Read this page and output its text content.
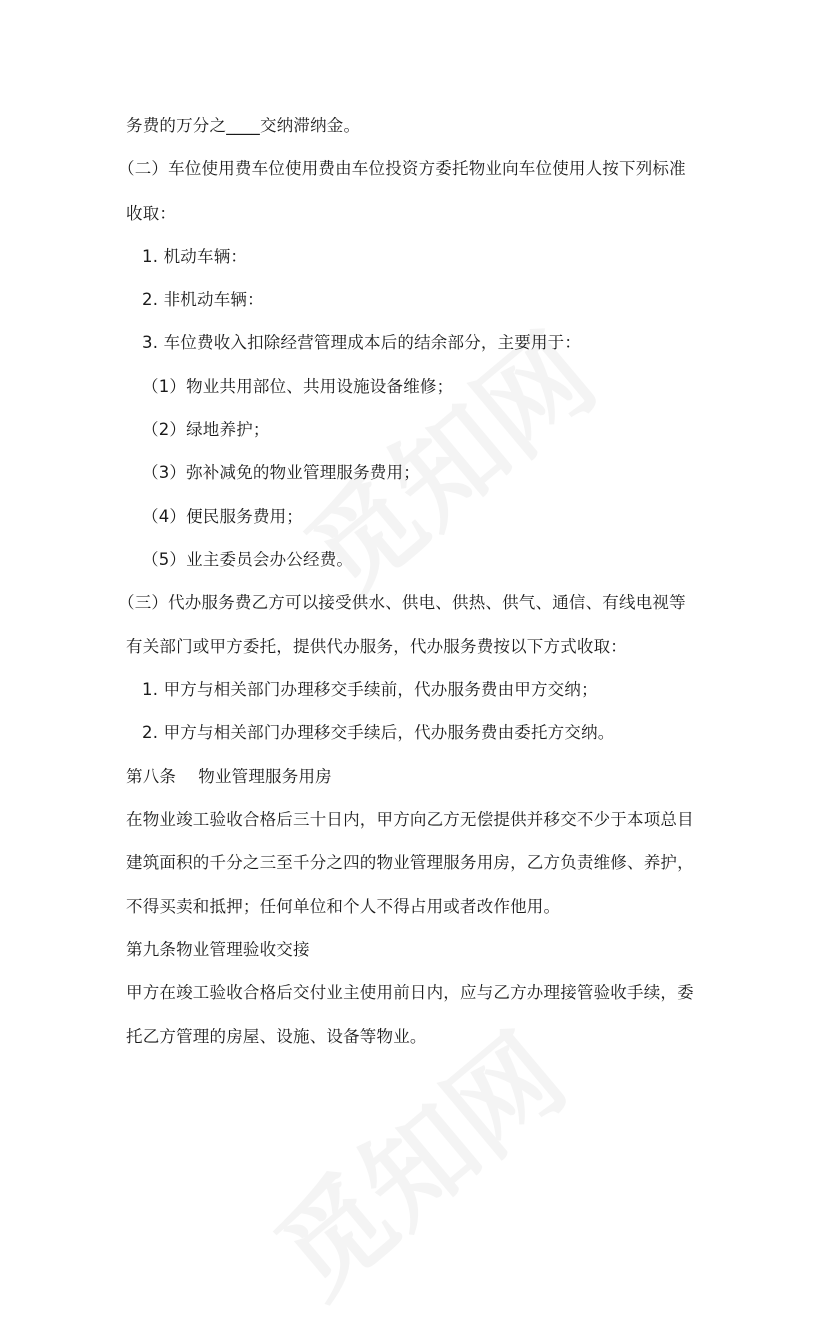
务费的万分之____交纳滞纳金。
（二）车位使用费车位使用费由车位投资方委托物业向车位使用人按下列标准
收取：
1. 机动车辆：
2. 非机动车辆：
3. 车位费收入扣除经营管理成本后的结余部分，主要用于：
（1）物业共用部位、共用设施设备维修；
（2）绿地养护；
（3）弥补减免的物业管理服务费用；
（4）便民服务费用；
（5）业主委员会办公经费。
（三）代办服务费乙方可以接受供水、供电、供热、供气、通信、有线电视等
有关部门或甲方委托，提供代办服务，代办服务费按以下方式收取：
1. 甲方与相关部门办理移交手续前，代办服务费由甲方交纳；
2. 甲方与相关部门办理移交手续后，代办服务费由委托方交纳。
第八条　 物业管理服务用房
在物业竣工验收合格后三十日内，甲方向乙方无偿提供并移交不少于本项总目
建筑面积的千分之三至千分之四的物业管理服务用房，乙方负责维修、养护，
不得买卖和抵押；任何单位和个人不得占用或者改作他用。
第九条物业管理验收交接
甲方在竣工验收合格后交付业主使用前日内，应与乙方办理接管验收手续，委
托乙方管理的房屋、设施、设备等物业。
